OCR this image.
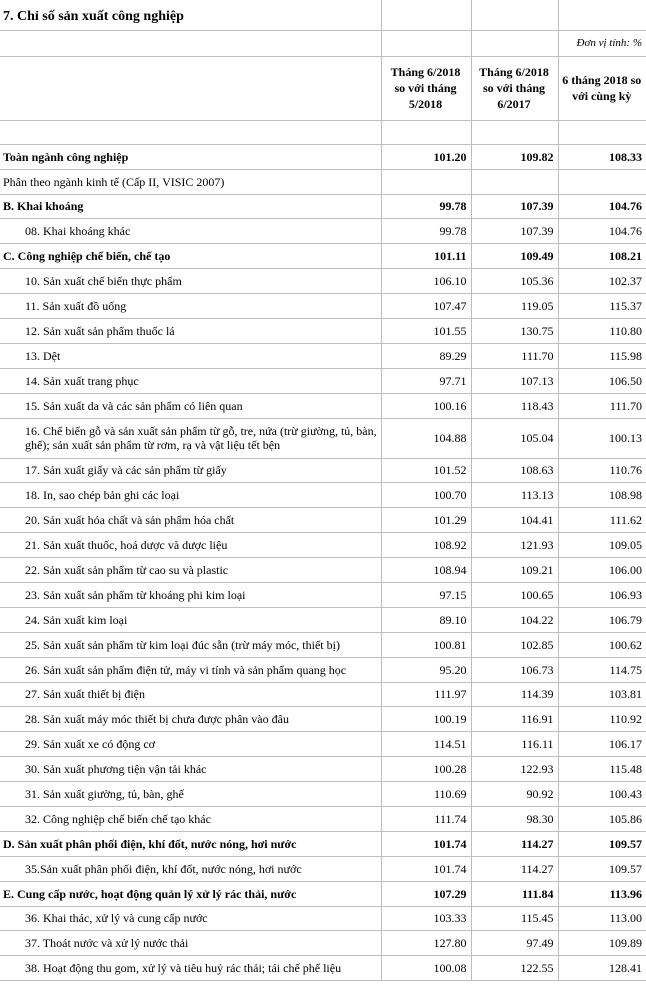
7. Chỉ số sản xuất công nghiệp			
			Đơn vị tính: %
	Tháng 6/2018 so với tháng 5/2018	Tháng 6/2018 so với tháng 6/2017	6 tháng 2018 so với cùng kỳ

Toàn ngành công nghiệp	101.20	109.82	108.33
Phân theo ngành kinh tế (Cấp II, VISIC 2007)			
B. Khai khoáng	99.78	107.39	104.76
08. Khai khoáng khác	99.78	107.39	104.76
C. Công nghiệp chế biến, chế tạo	101.11	109.49	108.21
10. Sản xuất chế biến thực phẩm	106.10	105.36	102.37
11. Sản xuất đồ uống	107.47	119.05	115.37
12. Sản xuất sản phẩm thuốc lá	101.55	130.75	110.80
13. Dệt	89.29	111.70	115.98
14. Sản xuất trang phục	97.71	107.13	106.50
15. Sản xuất da và các sản phẩm có liên quan	100.16	118.43	111.70
16. Chế biến gỗ và sản xuất sản phẩm từ gỗ, tre, nứa (trừ giường, tủ, bàn, ghế); sản xuất sản phẩm từ rơm, rạ và vật liệu tết bện	104.88	105.04	100.13
17. Sản xuất giấy và các sản phẩm từ giấy	101.52	108.63	110.76
18. In, sao chép bản ghi các loại	100.70	113.13	108.98
20. Sản xuất hóa chất và sản phẩm hóa chất	101.29	104.41	111.62
21. Sản xuất thuốc, hoá dược và dược liệu	108.92	121.93	109.05
22. Sản xuất sản phẩm từ cao su và plastic	108.94	109.21	106.00
23. Sản xuất sản phẩm từ khoáng phi kim loại	97.15	100.65	106.93
24. Sản xuất kim loại	89.10	104.22	106.79
25. Sản xuất sản phẩm từ kim loại đúc sẵn (trừ máy móc, thiết bị)	100.81	102.85	100.62
26. Sản xuất sản phẩm điện tử, máy vi tính và sản phẩm quang học	95.20	106.73	114.75
27. Sản xuất thiết bị điện	111.97	114.39	103.81
28. Sản xuất máy móc thiết bị chưa được phân vào đâu	100.19	116.91	110.92
29. Sản xuất xe có động cơ	114.51	116.11	106.17
30. Sản xuất phương tiện vận tải khác	100.28	122.93	115.48
31. Sản xuất giường, tủ, bàn, ghế	110.69	90.92	100.43
32. Công nghiệp chế biến chế tạo khác	111.74	98.30	105.86
D. Sản xuất phân phối điện, khí đốt, nước nóng, hơi nước	101.74	114.27	109.57
35.Sản xuất phân phối điện, khí đốt, nước nóng, hơi nước	101.74	114.27	109.57
E. Cung cấp nước, hoạt động quản lý xử lý rác thải, nước	107.29	111.84	113.96
36. Khai thác, xử lý và cung cấp nước	103.33	115.45	113.00
37. Thoát nước và xử lý nước thải	127.80	97.49	109.89
38. Hoạt động thu gom, xử lý và tiêu huỷ rác thải; tái chế phế liệu	100.08	122.55	128.41
